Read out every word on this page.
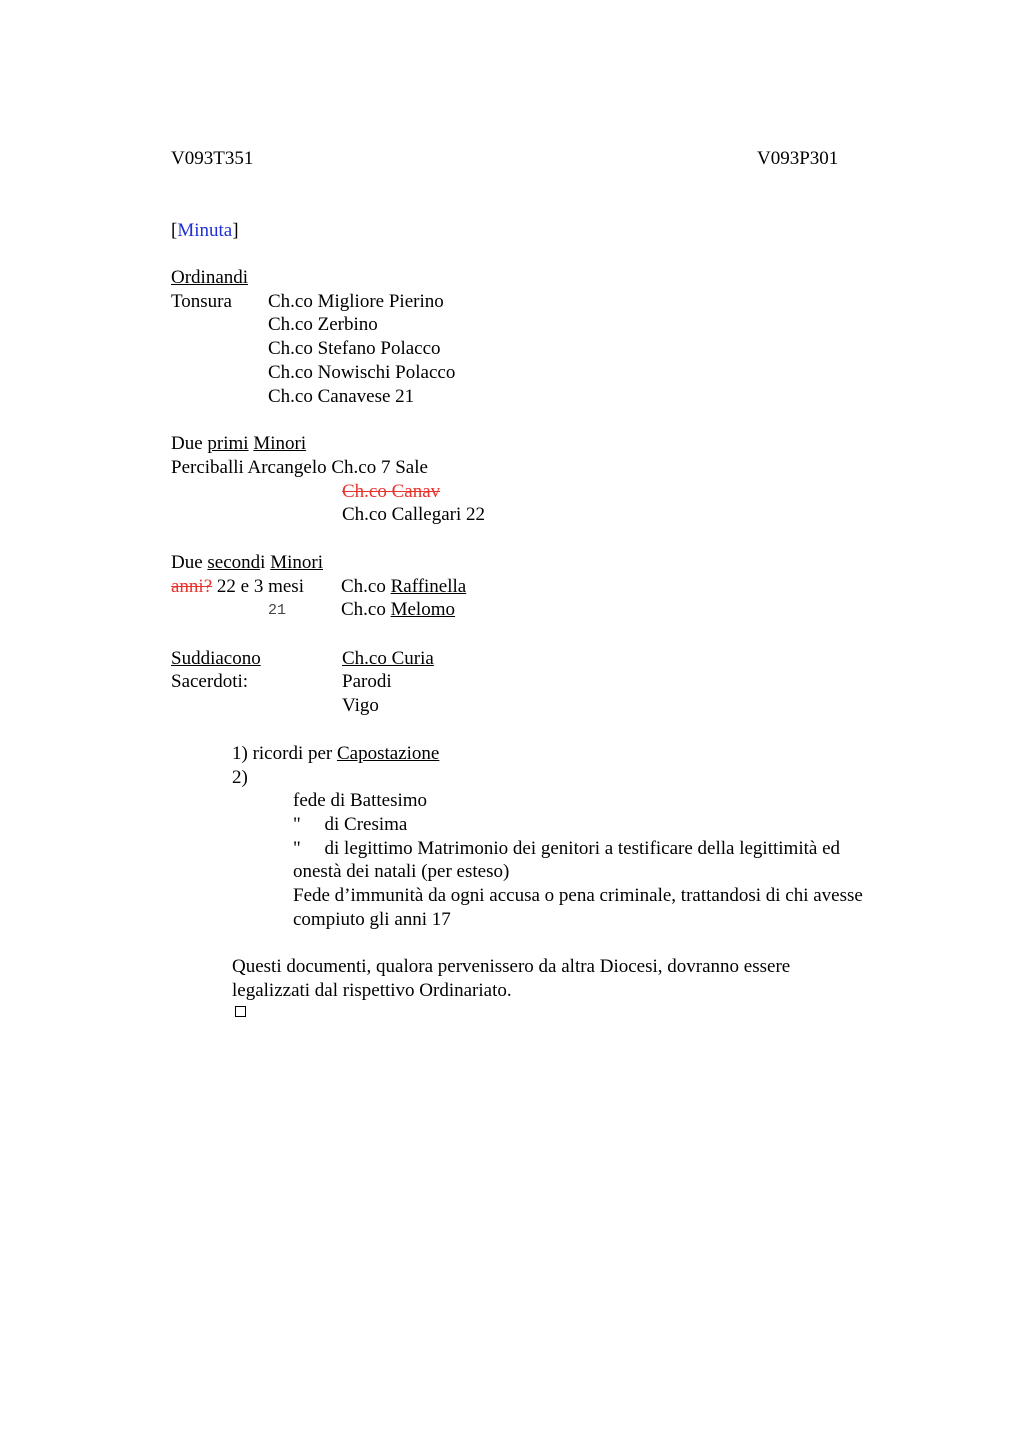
V093T351	V093P301
[Minuta]
Ordinandi
Tonsura Ch.co Migliore Pierino
Ch.co Zerbino
Ch.co Stefano Polacco
Ch.co Nowischi Polacco
Ch.co Canavese 21
Due primi Minori
Perciballi Arcangelo Ch.co 7 Sale
Ch.co Canav
Ch.co Callegari 22
Due secondi Minori
anni? 22 e 3 mesi Ch.co Raffinella
21	Ch.co Melomo
Suddiacono	Ch.co Curia
Sacerdoti:	Parodi
Vigo
1) ricordi per Capostazione
2)
fede di Battesimo
"     di Cresima
"     di legittimo Matrimonio dei genitori a testificare della legittimità ed
onestà dei natali (per esteso)
Fede d’immunità da ogni accusa o pena criminale, trattandosi di chi avesse
compiuto gli anni 17
Questi documenti, qualora pervenissero da altra Diocesi, dovranno essere
legalizzati dal rispettivo Ordinariato.
